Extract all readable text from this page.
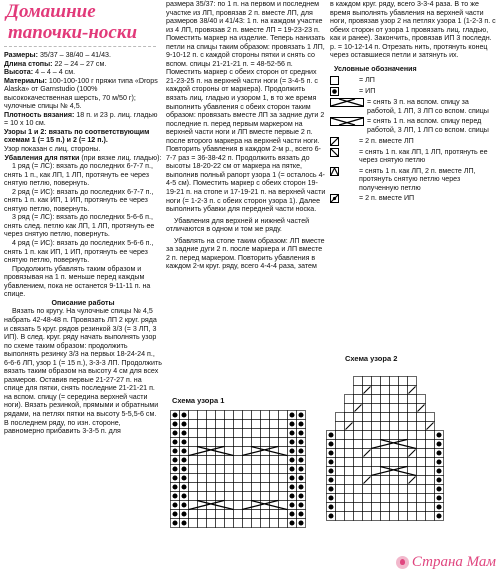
Домашние
тапочки-носки

Размеры: 35/37 – 38/40 – 41/43.

Длина стопы: 22 – 24 – 27 см.

Высота: 4 – 4 – 4 см.

Материалы: 100-100-100 г пряжи типа «Drops Alaska» от Garnstudio (100% высококачественная шерсть, 70 м/50 г); чулочные спицы № 4,5.

Плотность вязания: 18 п. и 23 р. лиц. гладью = 10 х 10 см.

Узоры 1 и 2: вязать по соответствующим схемам 1 (= 15 п.) и 2 (= 12 п.).

Узор показан с лиц. стороны.

Убавления для пятки (при вязке лиц. гладью):

1 ряд (= ЛС): вязать до последних 6-7-7 п., снять 1 п., как ЛП, 1 ЛП, протянуть ее через снятую петлю, повернуть.

2 ряд (= ИС): вязать до последних 6-7-7 п., снять 1 п. как ИП, 1 ИП, протянуть ее через снятую петлю, повернуть.

3 ряд (= ЛС): вязать до последних 5-6-6 п., снять след. петлю как ЛП, 1 ЛП, протянуть ее через снятую петлю, повернуть.

4 ряд (= ИС): вязать до последних 5-6-6 п., снять 1 п. как ИП, 1 ИП, протянуть ее через снятую петлю, повернуть.

Продолжить убавлять таким образом и провязывая на 1 п. меньше перед каждым убавлением, пока не останется 9-11-11 п. на спице.

Описание работы

Вязать по кругу. На чулочные спицы № 4,5 набрать 42-48-48 п. Провязать ЛП 2 круг. ряда и связать 5 круг. рядов резинкой 3/3 (= 3 ЛП, 3 ИП). В след. круг. ряду начать выполнять узор по схеме таким образом: продолжить выполнять резинку 3/3 на первых 18-24-24 п., 6-6-6 ЛП, узор 1 (= 15 п.), 3-3-3 ЛП. Продолжить вязать таким образом на высоту 4 см для всех размеров. Оставив первые 21-27-27 п. на спице для пятки, снять последние 21-21-21 п. на вспом. спицу (= середина верхней части ноги). Вязать резинкой, прямыми и обратными рядами, на петлях пятки на высоту 5-5,5-6 см. В последнем ряду, по изн. стороне, равномерно прибавить 3-3-5 п. для

размера 35/37: по 1 п. на первом и последнем участке из ЛП, провязав 2 п. вместе ЛП, для размеров 38/40 и 41/43: 1 п. на каждом участке из 4 ЛП, провязав 2 п. вместе ЛП = 19-23-23 п. Поместить маркер на изделие. Теперь нанизать петли на спицы таким образом: провязать 1 ЛП, 9-10-12 п. с каждой стороны пятки и снять со вспом. спицы 21-21-21 п. = 48-52-56 п. Поместить маркер с обеих сторон от средних 21-23-25 п. на верхней части ноги (= 3-4-5 п. с каждой стороны от маркера). Продолжить вязать лиц. гладью и узором 1, в то же время выполнить убавления с обеих сторон таким образом: провязать вместе ЛП за задние дуги 2 последние п. перед первым маркером на верхней части ноги и ЛП вместе первые 2 п. после второго маркера на верхней части ноги. Повторить убавления в каждом 2-м р., всего 6-7-7 раз = 36-38-42 п. Продолжить вязать до высоты 18-20-22 см от маркера на пятке, выполнив полный рапорт узора 1 (= осталось 4-4-5 см). Поместить маркер с обеих сторон 19-19-21 п. на стопе и 17-19-21 п. на верхней части ноги (= 1-2-3 п. с обеих сторон узора 1). Далее выполнить убавки для передней части носка.

Убавления для верхней и нижней частей отличаются в одном и том же ряду.

Убавлять на стопе таким образом: ЛП вместе за задние дуги 2 п. после маркера и ЛП вместе 2 п. перед маркером. Повторить убавления в каждом 2-м круг. ряду, всего 4-4-4 раза, затем

в каждом круг. ряду, всего 3-3-4 раза. В то же время выполнять убавления на верхней части ноги, провязав узор 2 на петлях узора 1 (1-2-3 п. с обеих сторон от узора 1 провязать лиц. гладью, как и ранее). Закончить, провязав ИП 3 последн. р. = 10-12-14 п. Отрезать нить, протянуть конец через оставшиеся петли и затянуть их.

Условные обозначения
= ЛП
= ИП
= снять 3 п. на вспом. спицу за работой, 1 ЛП, 3 ЛП со вспом. спицы
= снять 1 п. на вспом. спицу перед работой, 3 ЛП, 1 ЛП со вспом. спицы
= 2 п. вместе ЛП
= снять 1 п. как ЛП, 1 ЛП, протянуть ее через снятую петлю
= снять 1 п. как ЛП, 2 п. вместе ЛП, протянуть снятую петлю через полученную петлю
= 2 п. вместе ИП
Схема узора 1
Схема узора 2
Страна Мам
